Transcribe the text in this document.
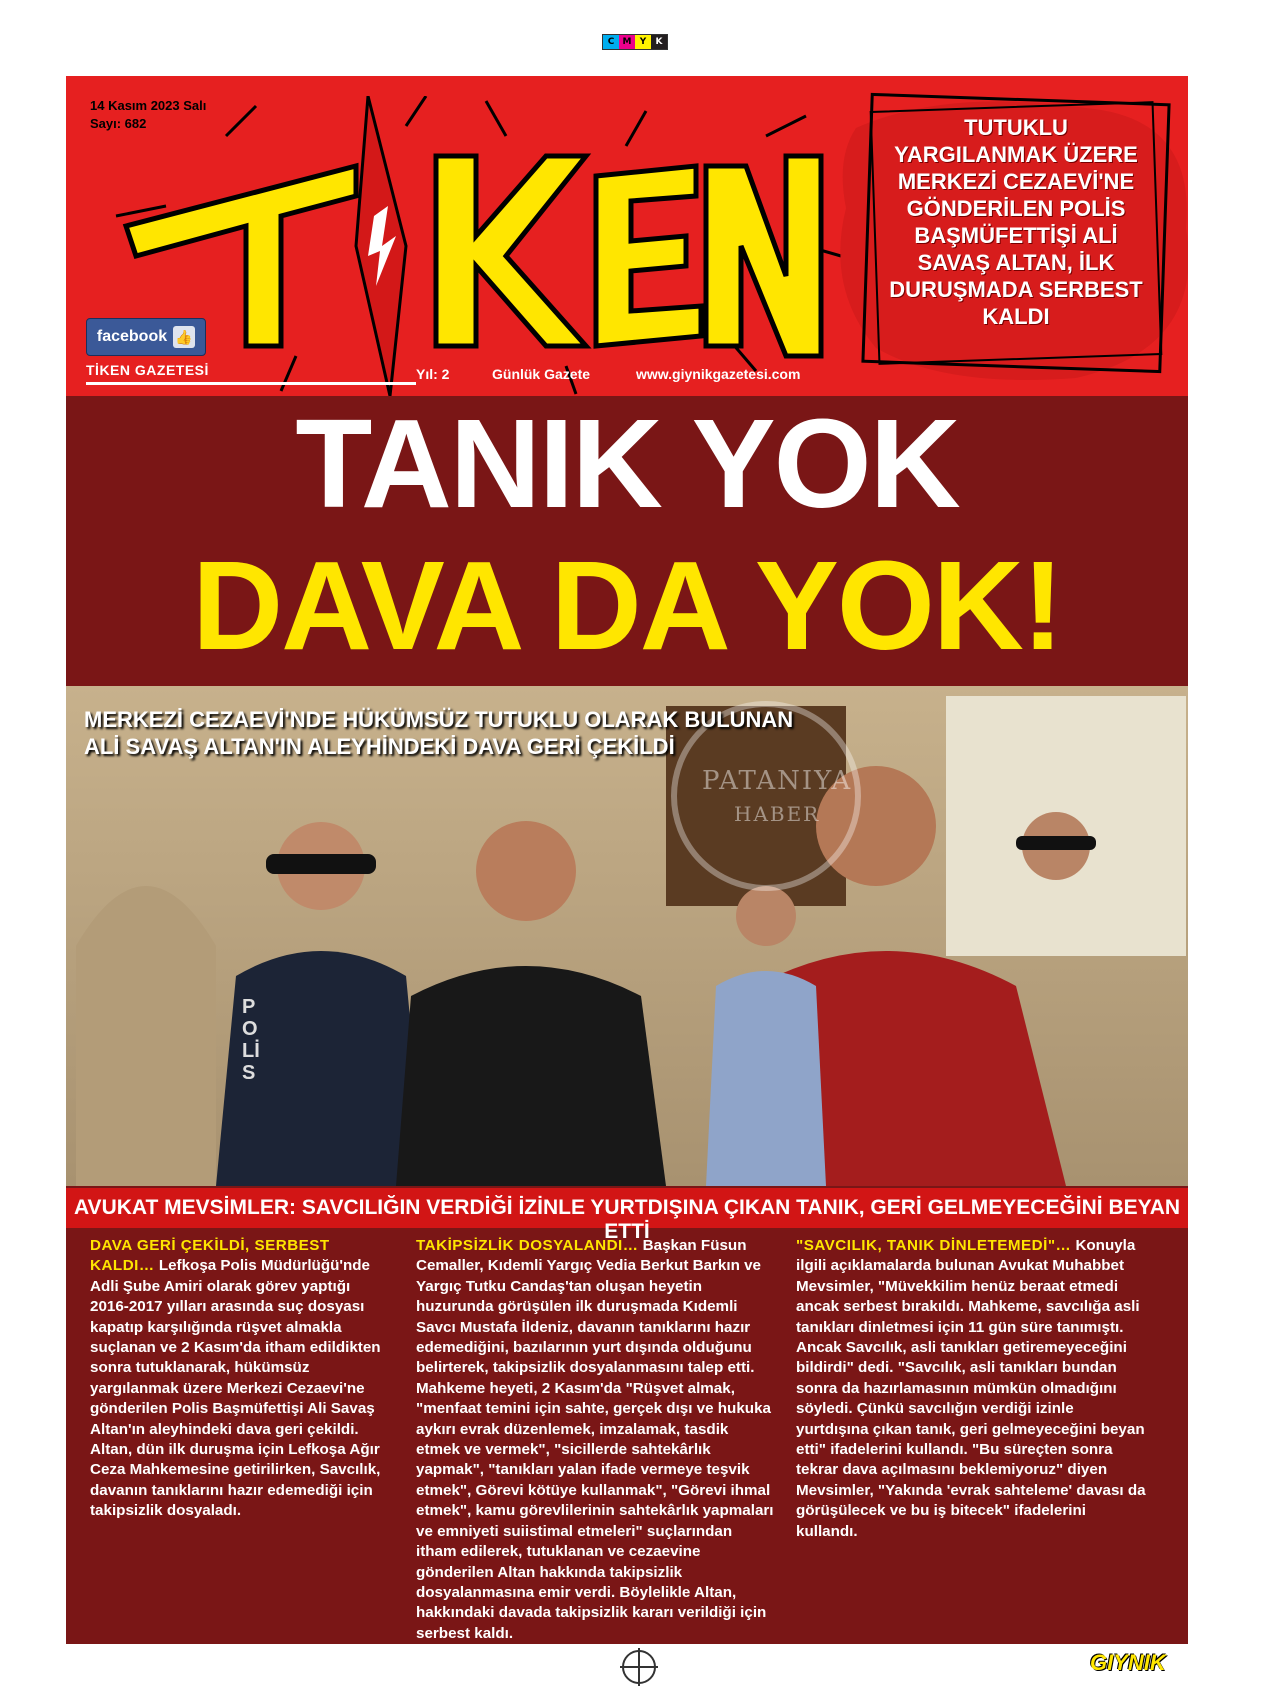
C M Y	K
14 Kasım 2023 Salı
Sayı: 682
facebook 👍
TİKEN GAZETESİ	Yıl: 2	Günlük Gazete	www.giynikgazetesi.com
TUTUKLU YARGILANMAK ÜZERE MERKEZİ CEZAEVİ'NE GÖNDERİLEN POLİS BAŞMÜFETTİŞİ ALİ SAVAŞ ALTAN, İLK DURUŞMADA SERBEST KALDI
TANIK YOK
DAVA DA YOK!
POLİS
PATANIYA
HABER
MERKEZİ CEZAEVİ'NDE HÜKÜMSÜZ TUTUKLU OLARAK BULUNAN
ALİ SAVAŞ ALTAN'IN ALEYHİNDEKİ DAVA GERİ ÇEKİLDİ
AVUKAT MEVSİMLER: SAVCILIĞIN VERDİĞİ İZİNLE YURTDIŞINA ÇIKAN TANIK, GERİ GELMEYECEĞİNİ BEYAN ETTİ
DAVA GERİ ÇEKİLDİ, SERBEST KALDI… Lefkoşa Polis Müdürlüğü'nde Adli Şube Amiri olarak görev yaptığı 2016-2017 yılları arasında suç dosyası kapatıp karşılığında rüşvet almakla suçlanan ve 2 Kasım'da itham edildikten sonra tutuklanarak, hükümsüz yargılanmak üzere Merkezi Cezaevi'ne gönderilen Polis Başmüfettişi Ali Savaş Altan'ın aleyhindeki dava geri çekildi. Altan, dün ilk duruşma için Lefkoşa Ağır Ceza Mahkemesine getirilirken, Savcılık, davanın tanıklarını hazır edemediği için takipsizlik dosyaladı.
TAKİPSİZLİK DOSYALANDI… Başkan Füsun Cemaller, Kıdemli Yargıç Vedia Berkut Barkın ve Yargıç Tutku Candaş'tan oluşan heyetin huzurunda görüşülen ilk duruşmada Kıdemli Savcı Mustafa İldeniz, davanın tanıklarını hazır edemediğini, bazılarının yurt dışında olduğunu belirterek, takipsizlik dosyalanmasını talep etti. Mahkeme heyeti, 2 Kasım'da "Rüşvet almak, "menfaat temini için sahte, gerçek dışı ve hukuka aykırı evrak düzenlemek, imzalamak, tasdik etmek ve vermek", "sicillerde sahtekârlık yapmak", "tanıkları yalan ifade vermeye teşvik etmek", Görevi kötüye kullanmak", "Görevi ihmal etmek", kamu görevlilerinin sahtekârlık yapmaları ve emniyeti suiistimal etmeleri" suçlarından itham edilerek, tutuklanan ve cezaevine gönderilen Altan hakkında takipsizlik dosyalanmasına emir verdi. Böylelikle Altan, hakkındaki davada takipsizlik kararı verildiği için serbest kaldı.
"SAVCILIK, TANIK DİNLETEMEDİ"… Konuyla ilgili açıklamalarda bulunan Avukat Muhabbet Mevsimler, "Müvekkilim henüz beraat etmedi ancak serbest bırakıldı. Mahkeme, savcılığa asli tanıkları dinletmesi için 11 gün süre tanımıştı. Ancak Savcılık, asli tanıkları getiremeyeceğini bildirdi" dedi. "Savcılık, asli tanıkları bundan sonra da hazırlamasının mümkün olmadığını söyledi. Çünkü savcılığın verdiği izinle yurtdışına çıkan tanık, geri gelmeyeceğini beyan etti" ifadelerini kullandı. "Bu süreçten sonra tekrar dava açılmasını beklemiyoruz" diyen Mevsimler, "Yakında 'evrak sahteleme' davası da görüşülecek ve bu iş bitecek" ifadelerini kullandı.
GIYNIK
